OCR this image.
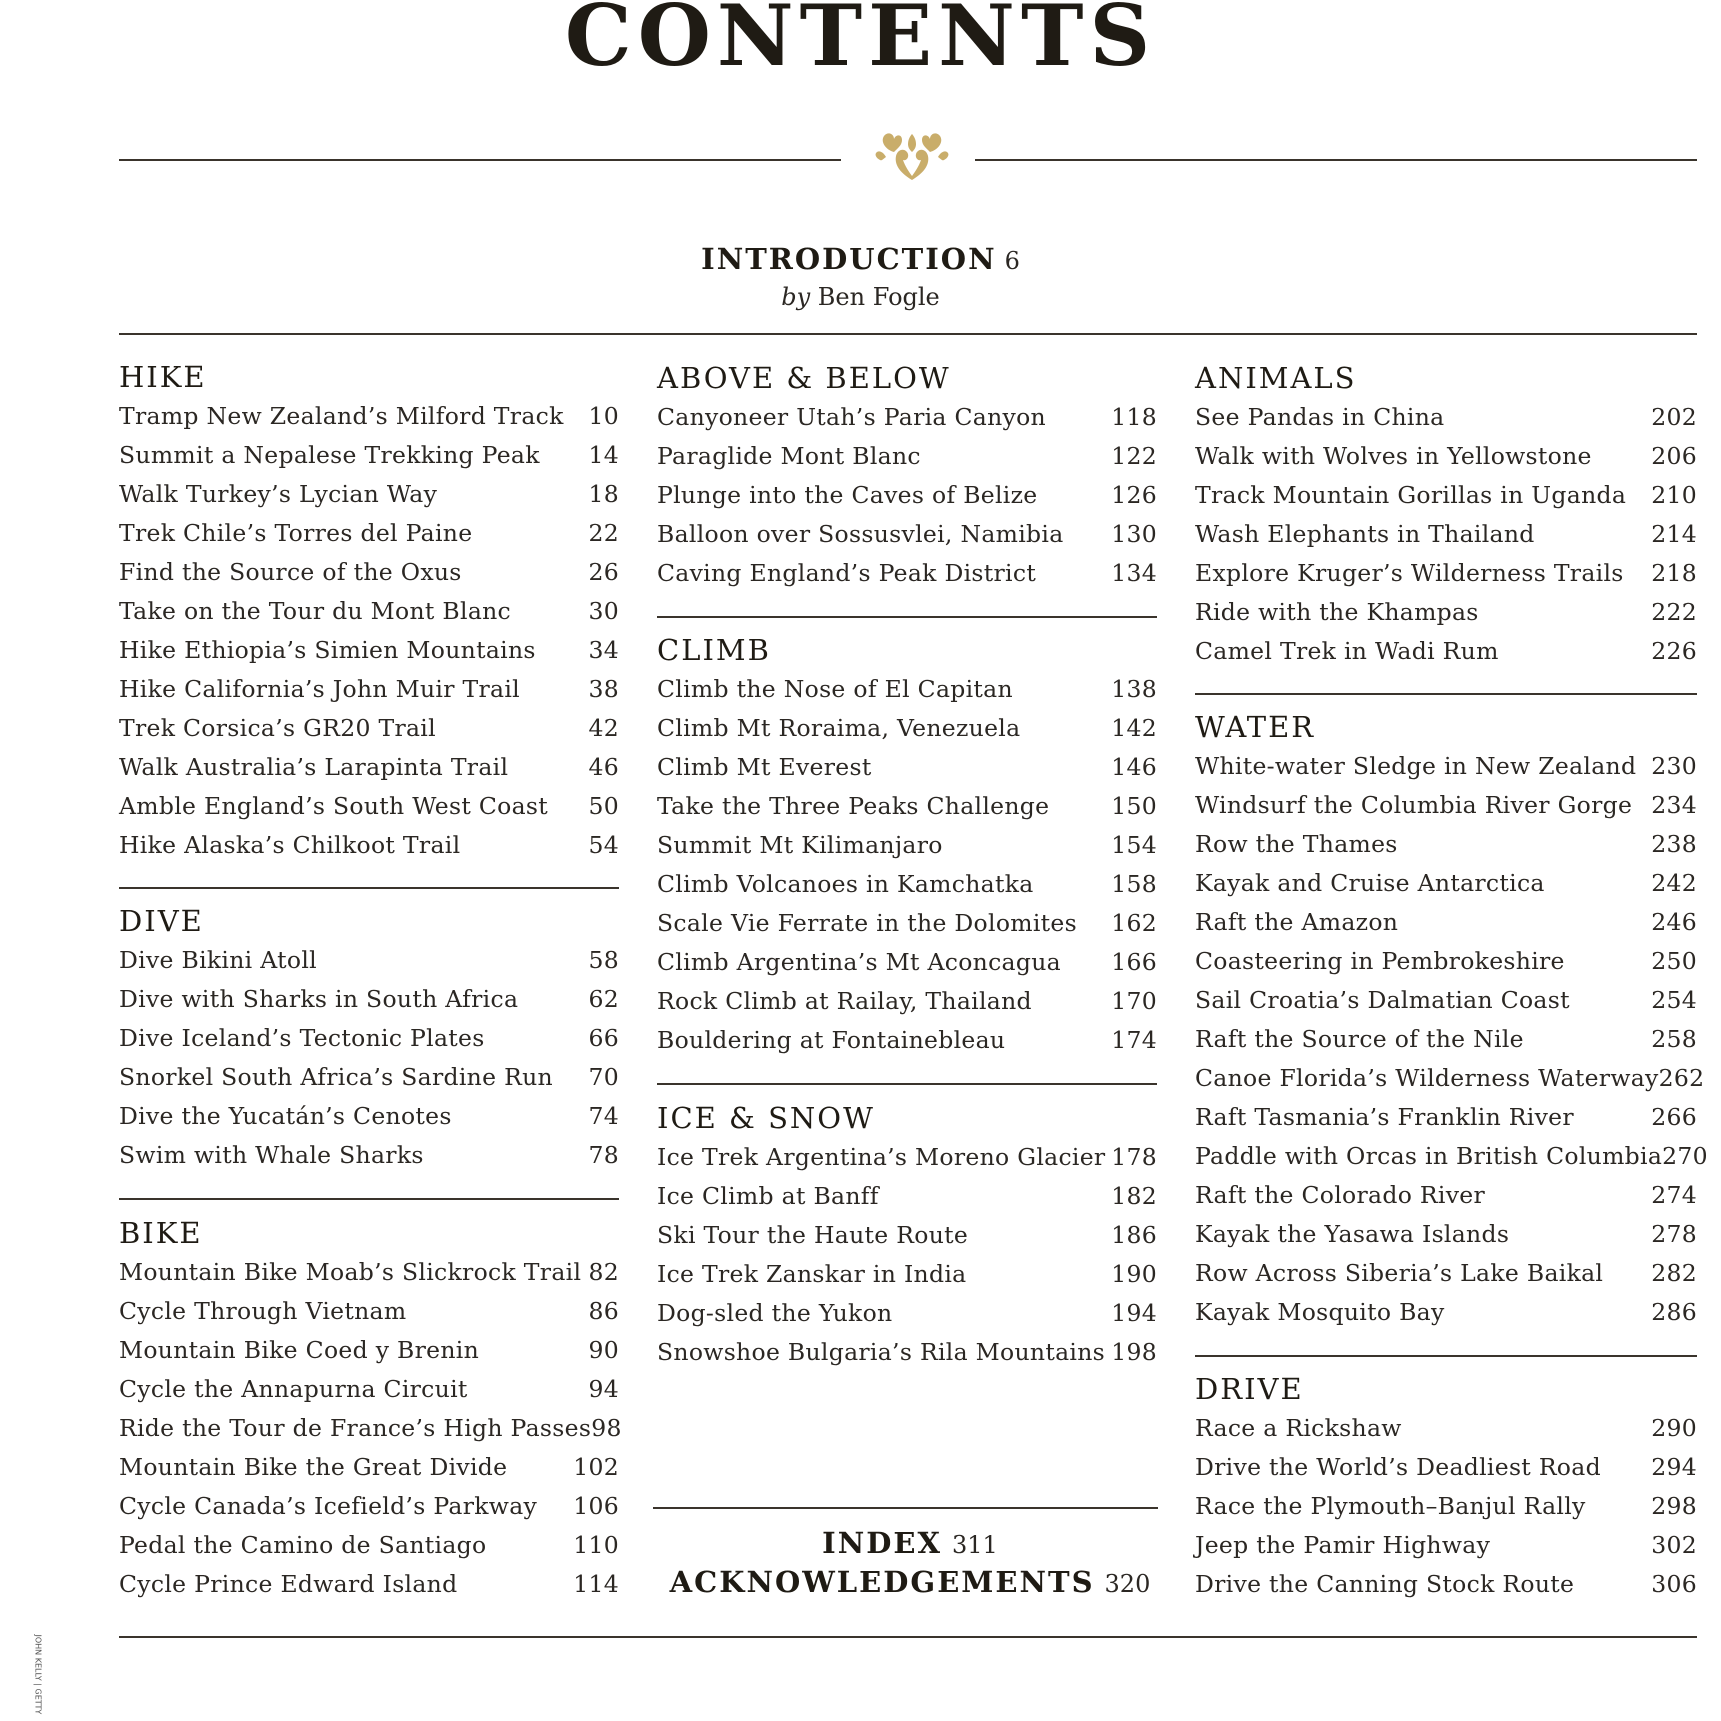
CONTENTS
INTRODUCTION 6
by Ben Fogle
HIKE
Tramp New Zealand’s Milford Track 10
Summit a Nepalese Trekking Peak 14
Walk Turkey’s Lycian Way	18
Trek Chile’s Torres del Paine	22
Find the Source of the Oxus	26
Take on the Tour du Mont Blanc	30
Hike Ethiopia’s Simien Mountains 34
Hike California’s John Muir Trail	38
Trek Corsica’s GR20 Trail	42
Walk Australia’s Larapinta Trail	46
Amble England’s South West Coast 50
Hike Alaska’s Chilkoot Trail	54
DIVE
Dive Bikini Atoll	58
Dive with Sharks in South Africa	62
Dive Iceland’s Tectonic Plates	66
Snorkel South Africa’s Sardine Run 70
Dive the Yucatán’s Cenotes	74
Swim with Whale Sharks	78
BIKE
Mountain Bike Moab’s Slickrock Trail 82
Cycle Through Vietnam	86
Mountain Bike Coed y Brenin	90
Cycle the Annapurna Circuit	94
Ride the Tour de France’s High Passes 98
Mountain Bike the Great Divide	102
Cycle Canada’s Icefield’s Parkway 106
Pedal the Camino de Santiago	110
Cycle Prince Edward Island	114
ABOVE & BELOW
Canyoneer Utah’s Paria Canyon	118
Paraglide Mont Blanc	122
Plunge into the Caves of Belize	126
Balloon over Sossusvlei, Namibia 130
Caving England’s Peak District	134
CLIMB
Climb the Nose of El Capitan	138
Climb Mt Roraima, Venezuela	142
Climb Mt Everest	146
Take the Three Peaks Challenge	150
Summit Mt Kilimanjaro	154
Climb Volcanoes in Kamchatka	158
Scale Vie Ferrate in the Dolomites 162
Climb Argentina’s Mt Aconcagua 166
Rock Climb at Railay, Thailand	170
Bouldering at Fontainebleau	174
ICE & SNOW
Ice Trek Argentina’s Moreno Glacier 178
Ice Climb at Banff	182
Ski Tour the Haute Route	186
Ice Trek Zanskar in India	190
Dog-sled the Yukon	194
Snowshoe Bulgaria’s Rila Mountains 198
INDEX 311
ACKNOWLEDGEMENTS 320
ANIMALS
See Pandas in China	202
Walk with Wolves in Yellowstone	206
Track Mountain Gorillas in Uganda 210
Wash Elephants in Thailand	214
Explore Kruger’s Wilderness Trails 218
Ride with the Khampas	222
Camel Trek in Wadi Rum	226
WATER
White-water Sledge in New Zealand 230
Windsurf the Columbia River Gorge 234
Row the Thames	238
Kayak and Cruise Antarctica	242
Raft the Amazon	246
Coasteering in Pembrokeshire	250
Sail Croatia’s Dalmatian Coast	254
Raft the Source of the Nile	258
Canoe Florida’s Wilderness Waterway 262
Raft Tasmania’s Franklin River	266
Paddle with Orcas in British Columbia 270
Raft the Colorado River	274
Kayak the Yasawa Islands	278
Row Across Siberia’s Lake Baikal 282
Kayak Mosquito Bay	286
DRIVE
Race a Rickshaw	290
Drive the World’s Deadliest Road 294
Race the Plymouth–Banjul Rally	298
Jeep the Pamir Highway	302
Drive the Canning Stock Route	306
JOHN KELLY | GETTY
